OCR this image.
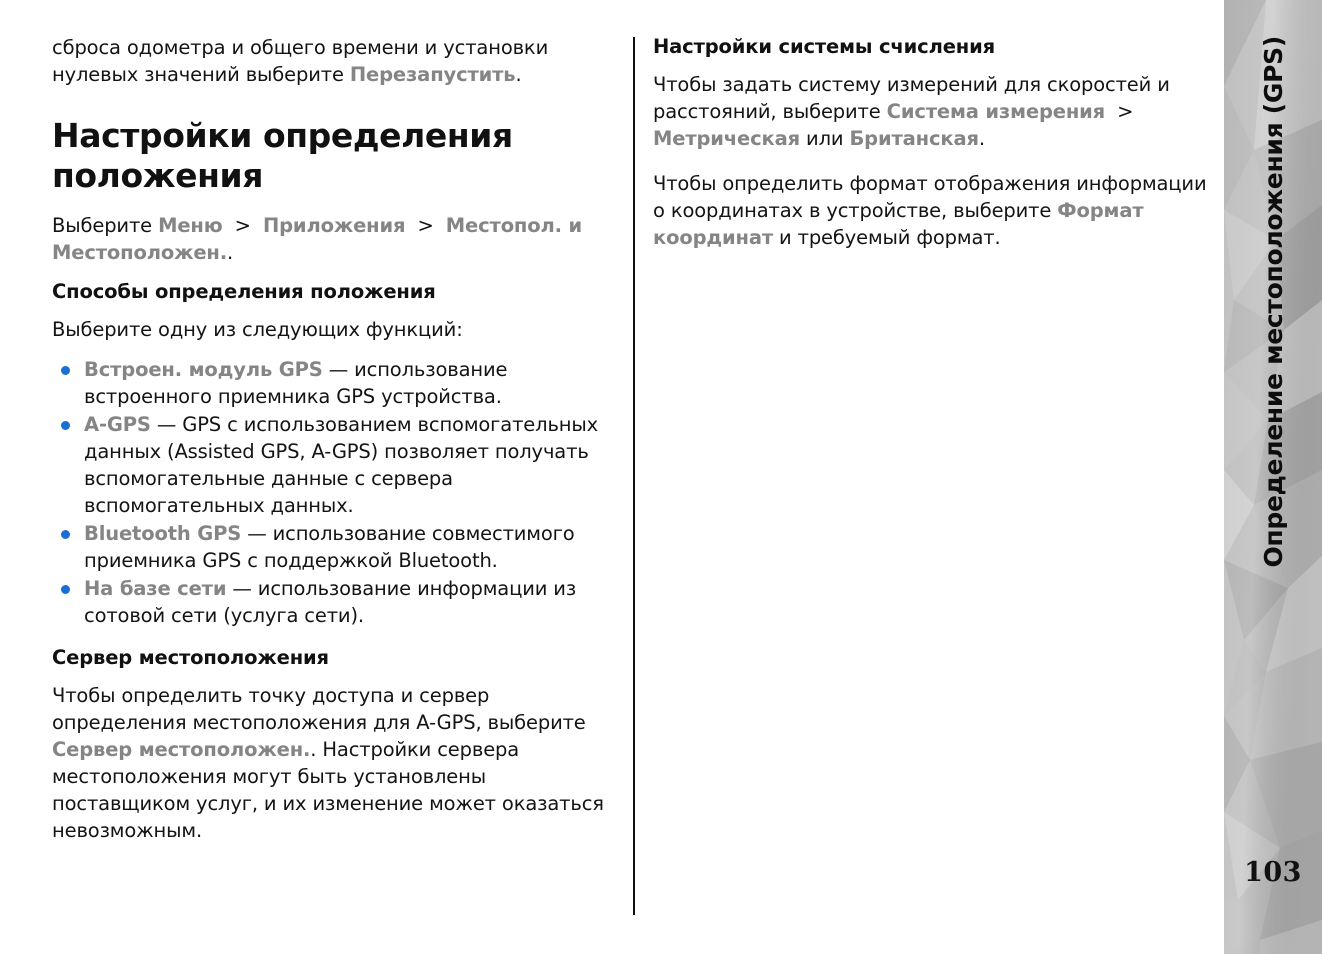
сброса одометра и общего времени и установки нулевых значений выберите Перезапустить.

Настройки определения положения

Выберите Меню > Приложения > Местопол. и Местоположен..

Способы определения положения

Выберите одну из следующих функций:

Встроен. модуль GPS — использование встроенного приемника GPS устройства.
A-GPS — GPS с использованием вспомогательных данных (Assisted GPS, A-GPS) позволяет получать вспомогательные данные с сервера вспомогательных данных.
Bluetooth GPS — использование совместимого приемника GPS с поддержкой Bluetooth.
На базе сети — использование информации из сотовой сети (услуга сети).
Сервер местоположения

Чтобы определить точку доступа и сервер определения местоположения для A-GPS, выберите Сервер местоположен.. Настройки сервера местоположения могут быть установлены поставщиком услуг, и их изменение может оказаться невозможным.

Настройки системы счисления

Чтобы задать систему измерений для скоростей и расстояний, выберите Система измерения > Метрическая или Британская.

Чтобы определить формат отображения информации о координатах в устройстве, выберите Формат координат и требуемый формат.	Определение местоположения (GPS)
103
